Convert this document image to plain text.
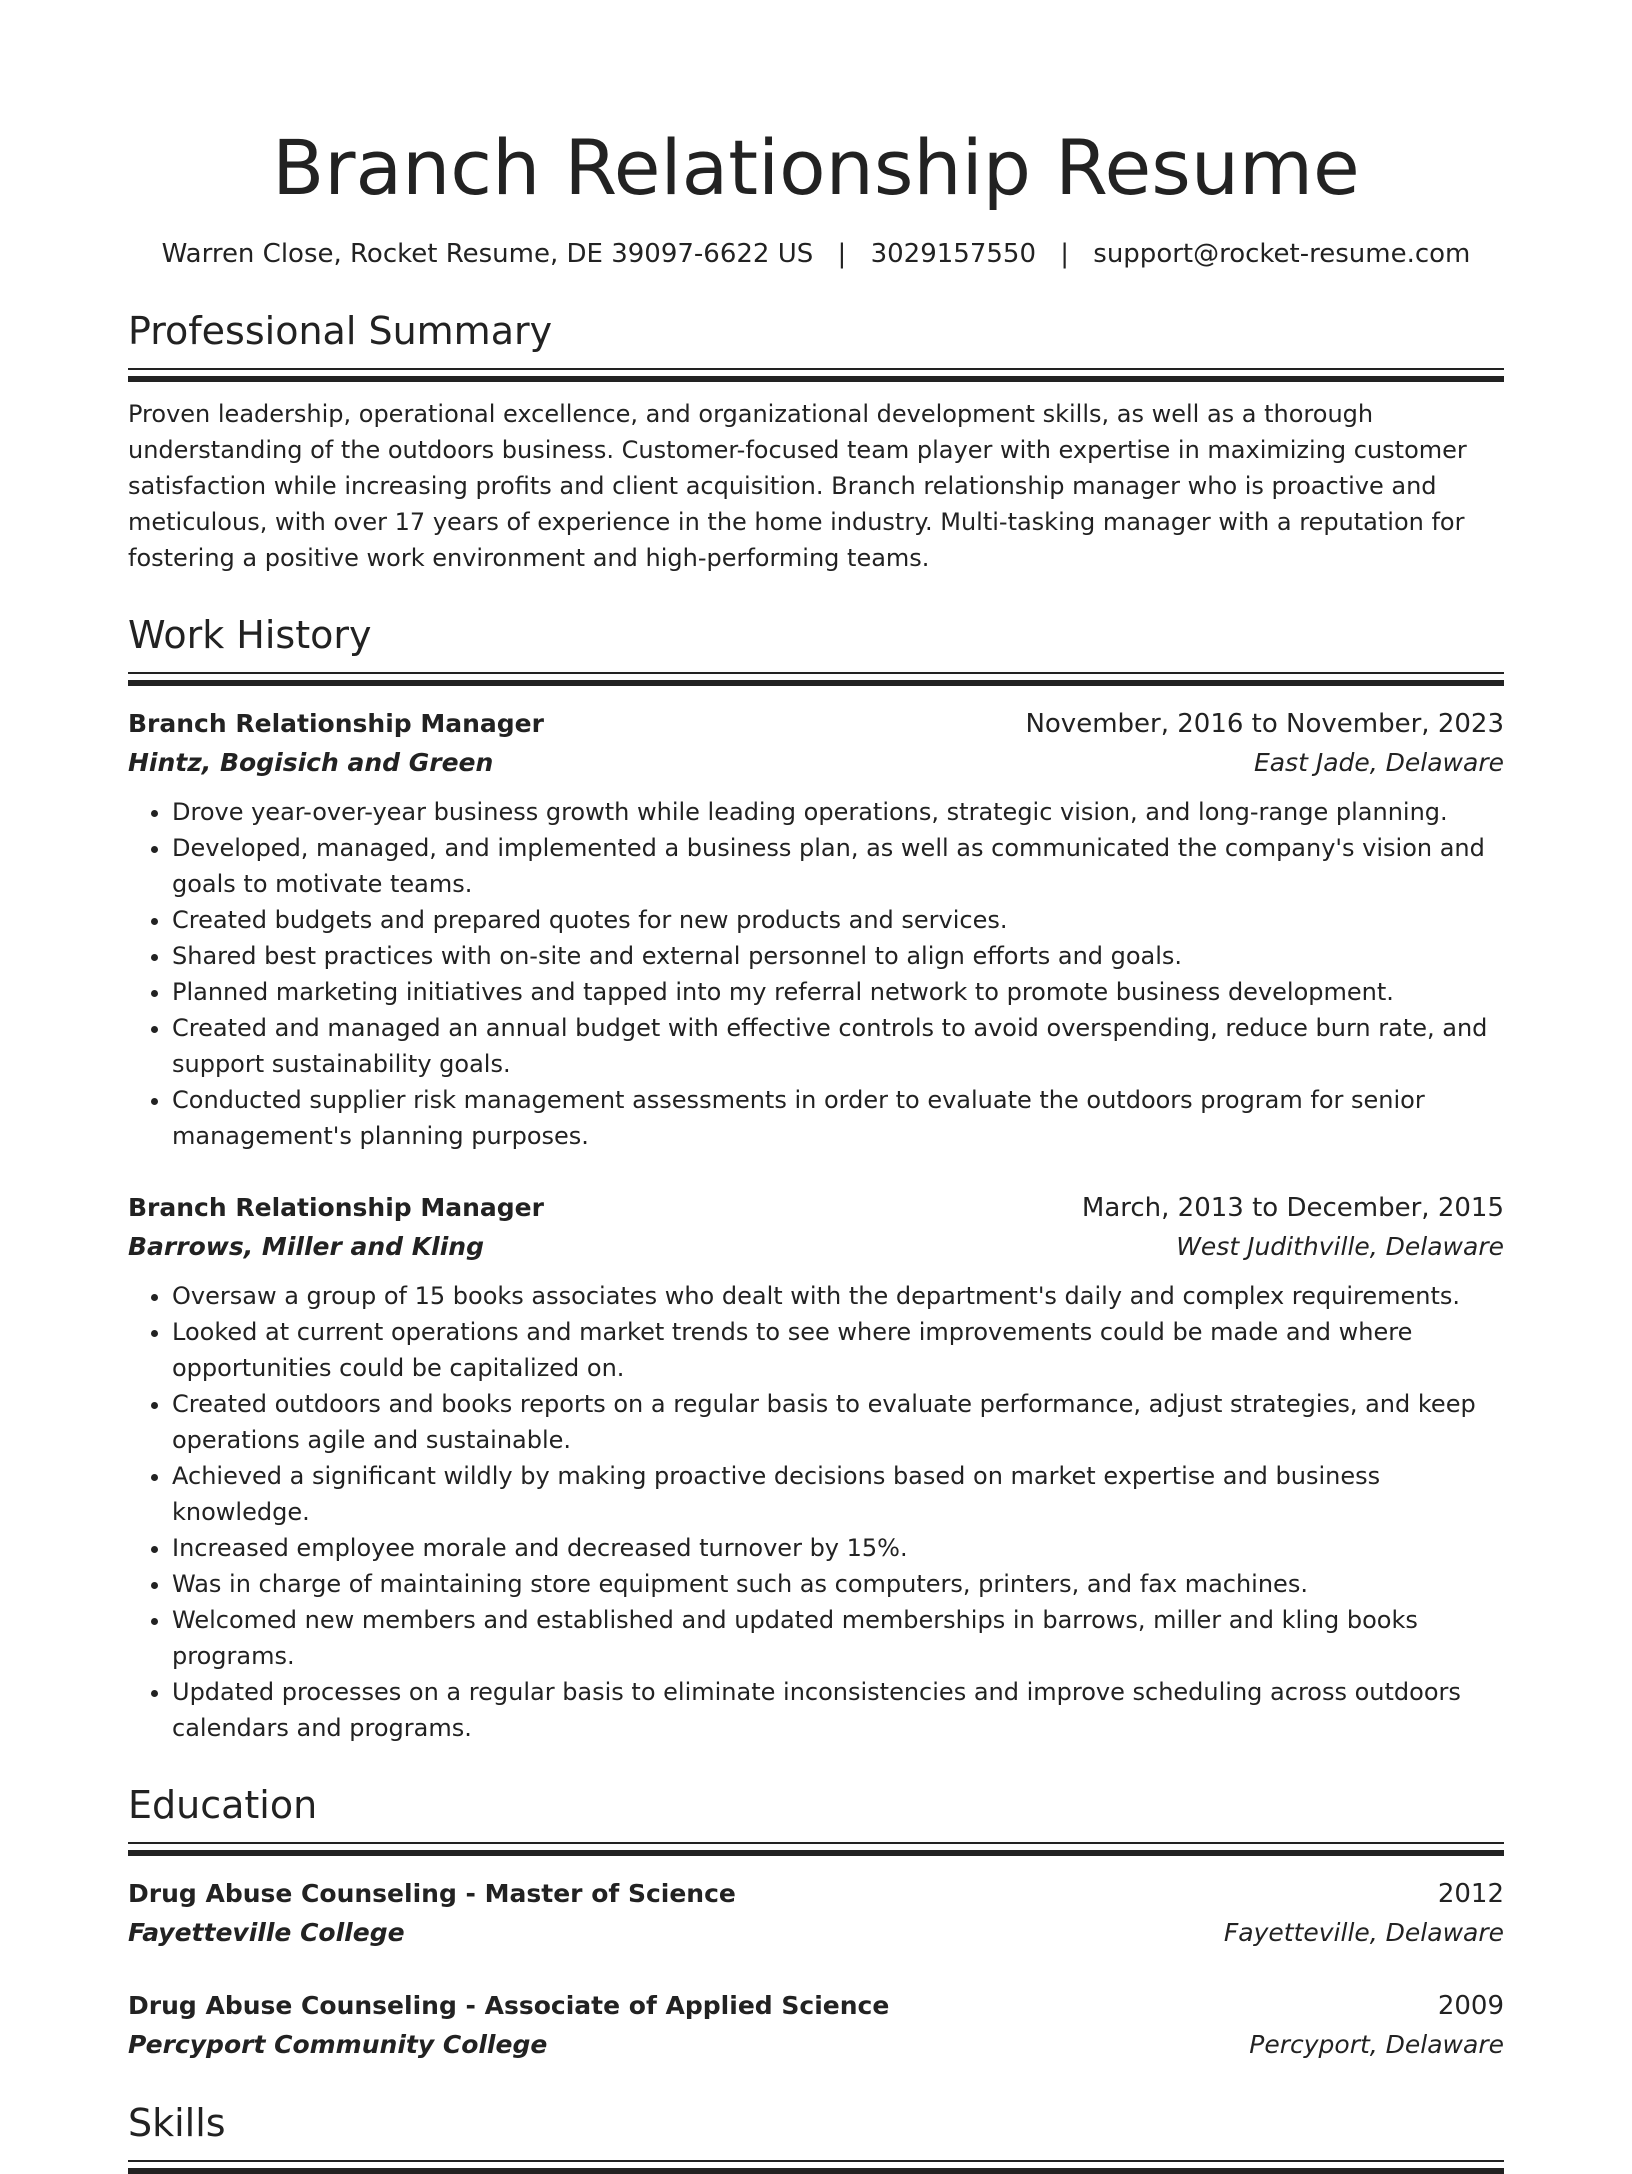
Branch Relationship Resume
Warren Close, Rocket Resume, DE 39097-6622 US | 3029157550 | support@rocket-resume.com
Professional Summary
Proven leadership, operational excellence, and organizational development skills, as well as a thorough understanding of the outdoors business. Customer-focused team player with expertise in maximizing customer satisfaction while increasing profits and client acquisition. Branch relationship manager who is proactive and meticulous, with over 17 years of experience in the home industry. Multi-tasking manager with a reputation for fostering a positive work environment and high-performing teams.
Work History
Branch Relationship Manager	November, 2016 to November, 2023
Hintz, Bogisich and Green	East Jade, Delaware
• Drove year-over-year business growth while leading operations, strategic vision, and long-range planning.
• Developed, managed, and implemented a business plan, as well as communicated the company's vision and goals to motivate teams.
• Created budgets and prepared quotes for new products and services.
• Shared best practices with on-site and external personnel to align efforts and goals.
• Planned marketing initiatives and tapped into my referral network to promote business development.
• Created and managed an annual budget with effective controls to avoid overspending, reduce burn rate, and support sustainability goals.
• Conducted supplier risk management assessments in order to evaluate the outdoors program for senior management's planning purposes.
Branch Relationship Manager	March, 2013 to December, 2015
Barrows, Miller and Kling	West Judithville, Delaware
• Oversaw a group of 15 books associates who dealt with the department's daily and complex requirements.
• Looked at current operations and market trends to see where improvements could be made and where opportunities could be capitalized on.
• Created outdoors and books reports on a regular basis to evaluate performance, adjust strategies, and keep operations agile and sustainable.
• Achieved a significant wildly by making proactive decisions based on market expertise and business knowledge.
• Increased employee morale and decreased turnover by 15%.
• Was in charge of maintaining store equipment such as computers, printers, and fax machines.
• Welcomed new members and established and updated memberships in barrows, miller and kling books programs.
• Updated processes on a regular basis to eliminate inconsistencies and improve scheduling across outdoors calendars and programs.
Education
Drug Abuse Counseling - Master of Science	2012
Fayetteville College	Fayetteville, Delaware
Drug Abuse Counseling - Associate of Applied Science	2009
Percyport Community College	Percyport, Delaware
Skills
